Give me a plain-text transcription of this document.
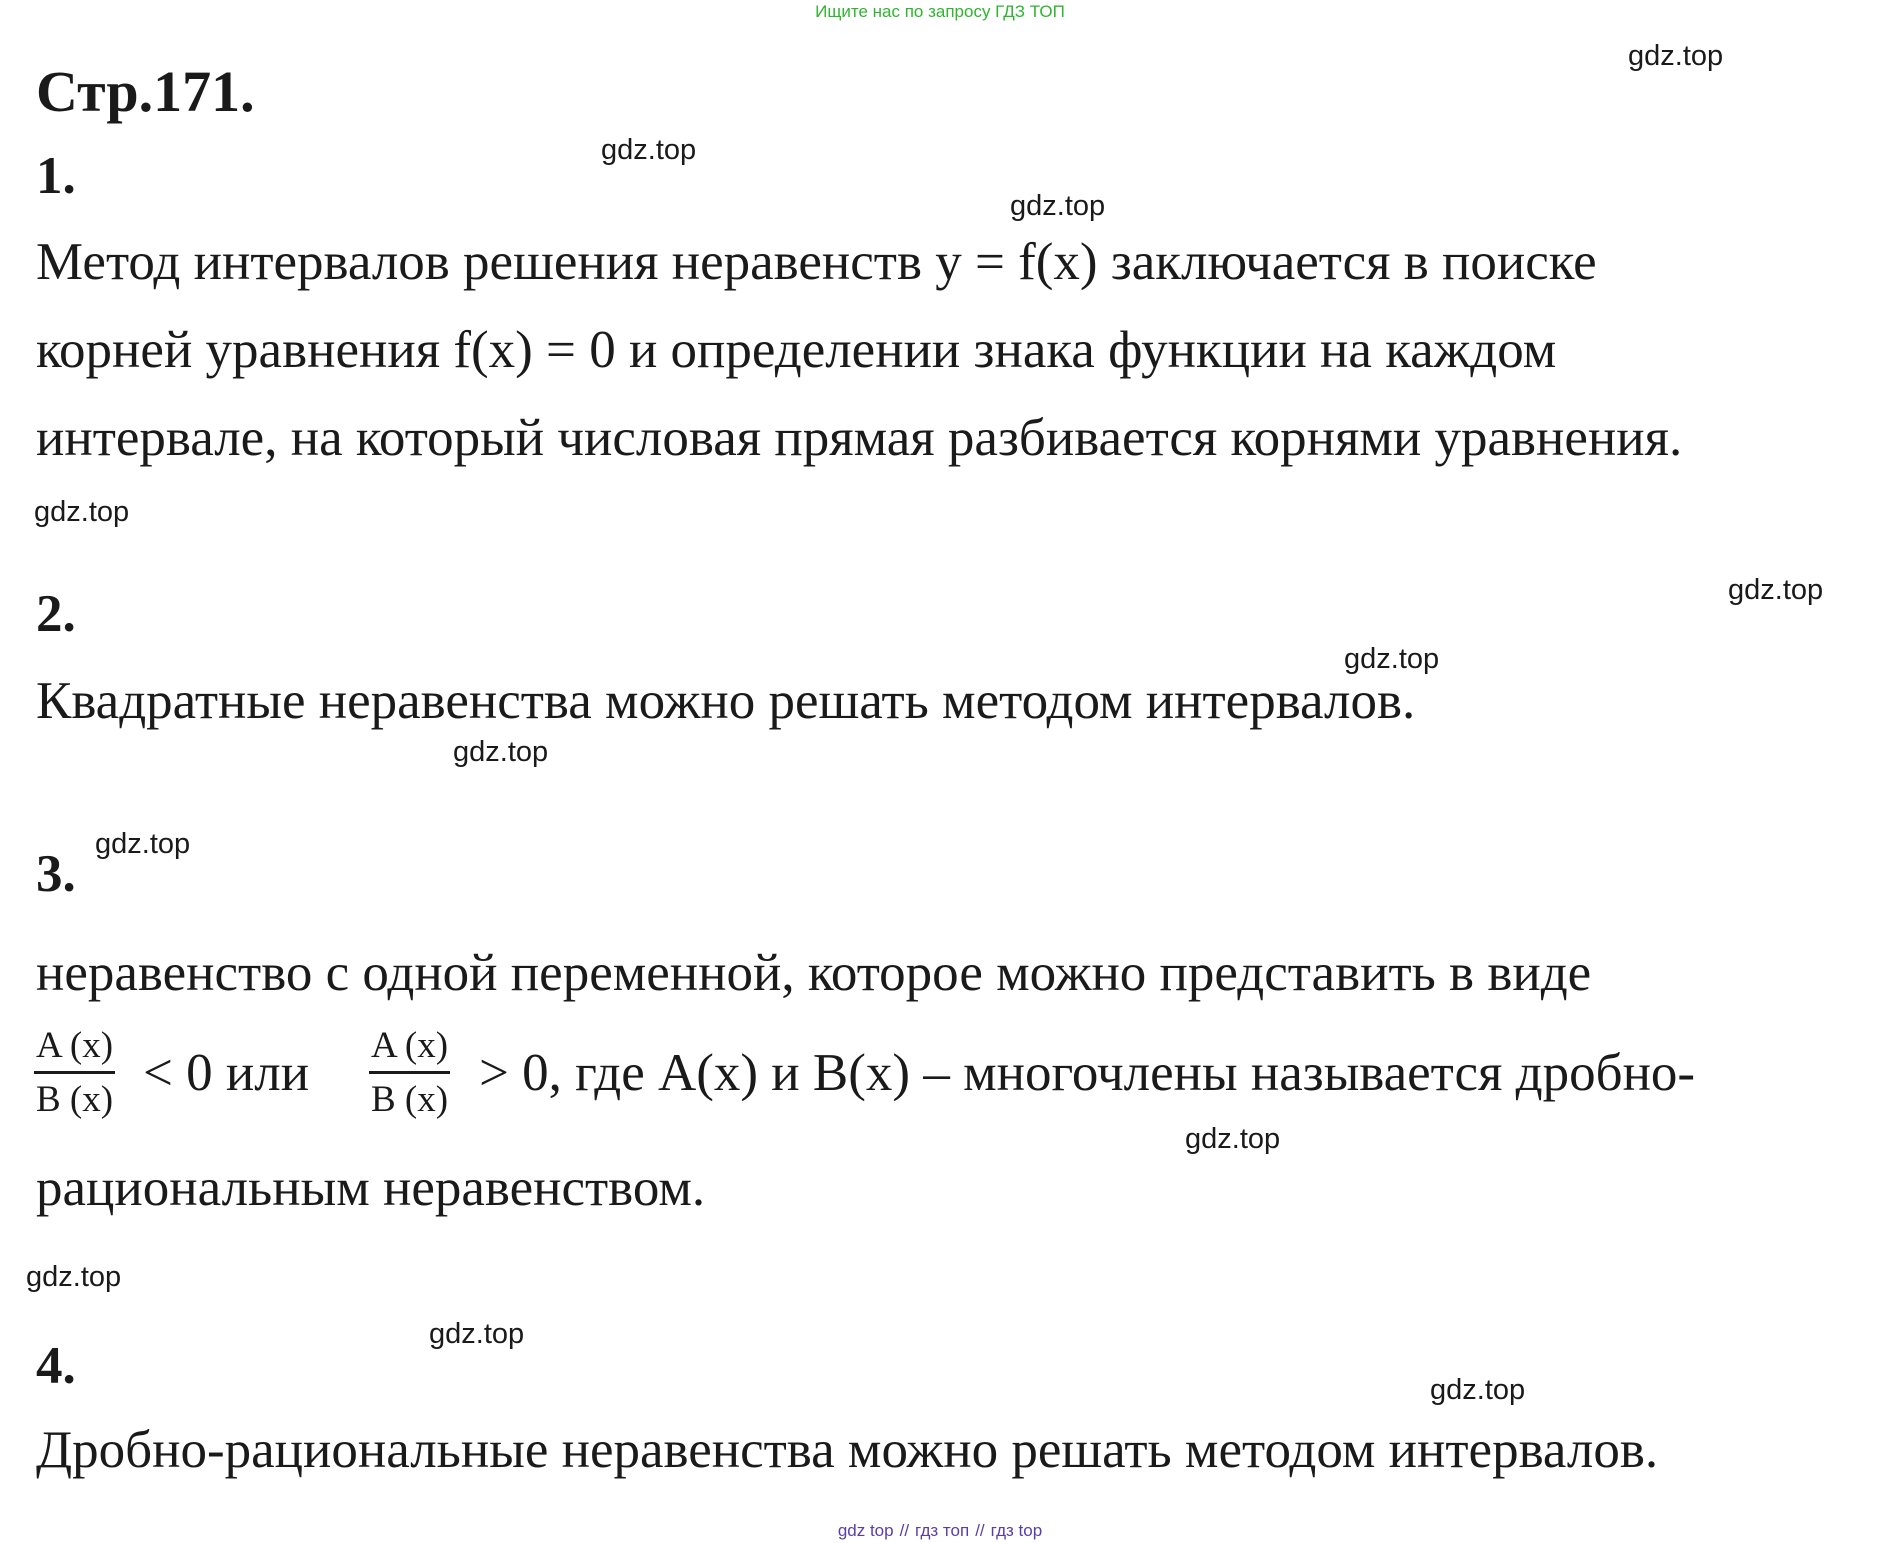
Ищите нас по запросу ГДЗ ТОП
Стр.171.
1.
Метод интервалов решения неравенств y = f(x) заключается в поиске
корней уравнения f(x) = 0 и определении знака функции на каждом
интервале, на который числовая прямая разбивается корнями уравнения.
2.
Квадратные неравенства можно решать методом интервалов.
3.
неравенство с одной переменной, которое можно представить в виде
A (x)
B (x) < 0 или A (x)
B (x) > 0, где A(x) и B(x) – многочлены называется дробно-
рациональным неравенством.
4.
Дробно-рациональные неравенства можно решать методом интервалов.
gdz.top
gdz.top
gdz.top
gdz.top
gdz.top
gdz.top
gdz.top
gdz.top
gdz.top
gdz.top
gdz.top
gdz.top
gdz top // гдз топ // гдз top
